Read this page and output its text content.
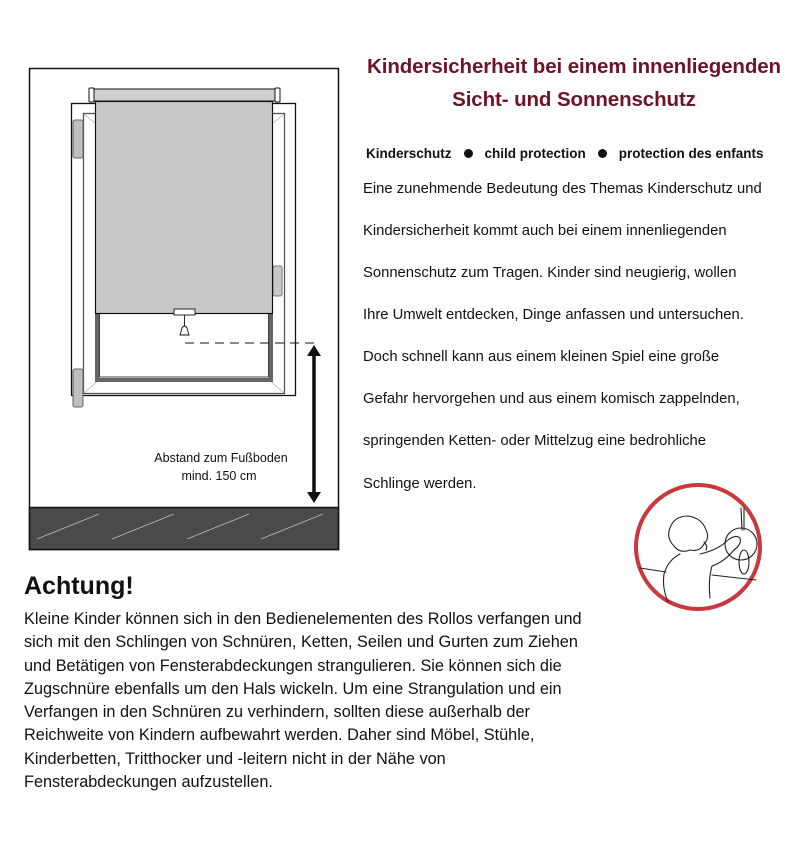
Abstand zum Fußboden
mind. 150 cm
Kindersicherheit bei einem innenliegenden
Sicht- und Sonnenschutz
Kinderschutz child protection protection des enfants
Eine zunehmende Bedeutung des Themas Kinderschutz und
Kindersicherheit kommt auch bei einem innenliegenden
Sonnenschutz zum Tragen. Kinder sind neugierig, wollen
Ihre Umwelt entdecken, Dinge anfassen und untersuchen.
Doch schnell kann aus einem kleinen Spiel eine große
Gefahr hervorgehen und aus einem komisch zappelnden,
springenden Ketten- oder Mittelzug eine bedrohliche
Schlinge werden.
Achtung!
Kleine Kinder können sich in den Bedienelementen des Rollos verfangen und
sich mit den Schlingen von Schnüren, Ketten, Seilen und Gurten zum Ziehen
und Betätigen von Fensterabdeckungen strangulieren. Sie können sich die
Zugschnüre ebenfalls um den Hals wickeln. Um eine Strangulation und ein
Verfangen in den Schnüren zu verhindern, sollten diese außerhalb der
Reichweite von Kindern aufbewahrt werden. Daher sind Möbel, Stühle,
Kinderbetten, Tritthocker und -leitern nicht in der Nähe von
Fensterabdeckungen aufzustellen.
